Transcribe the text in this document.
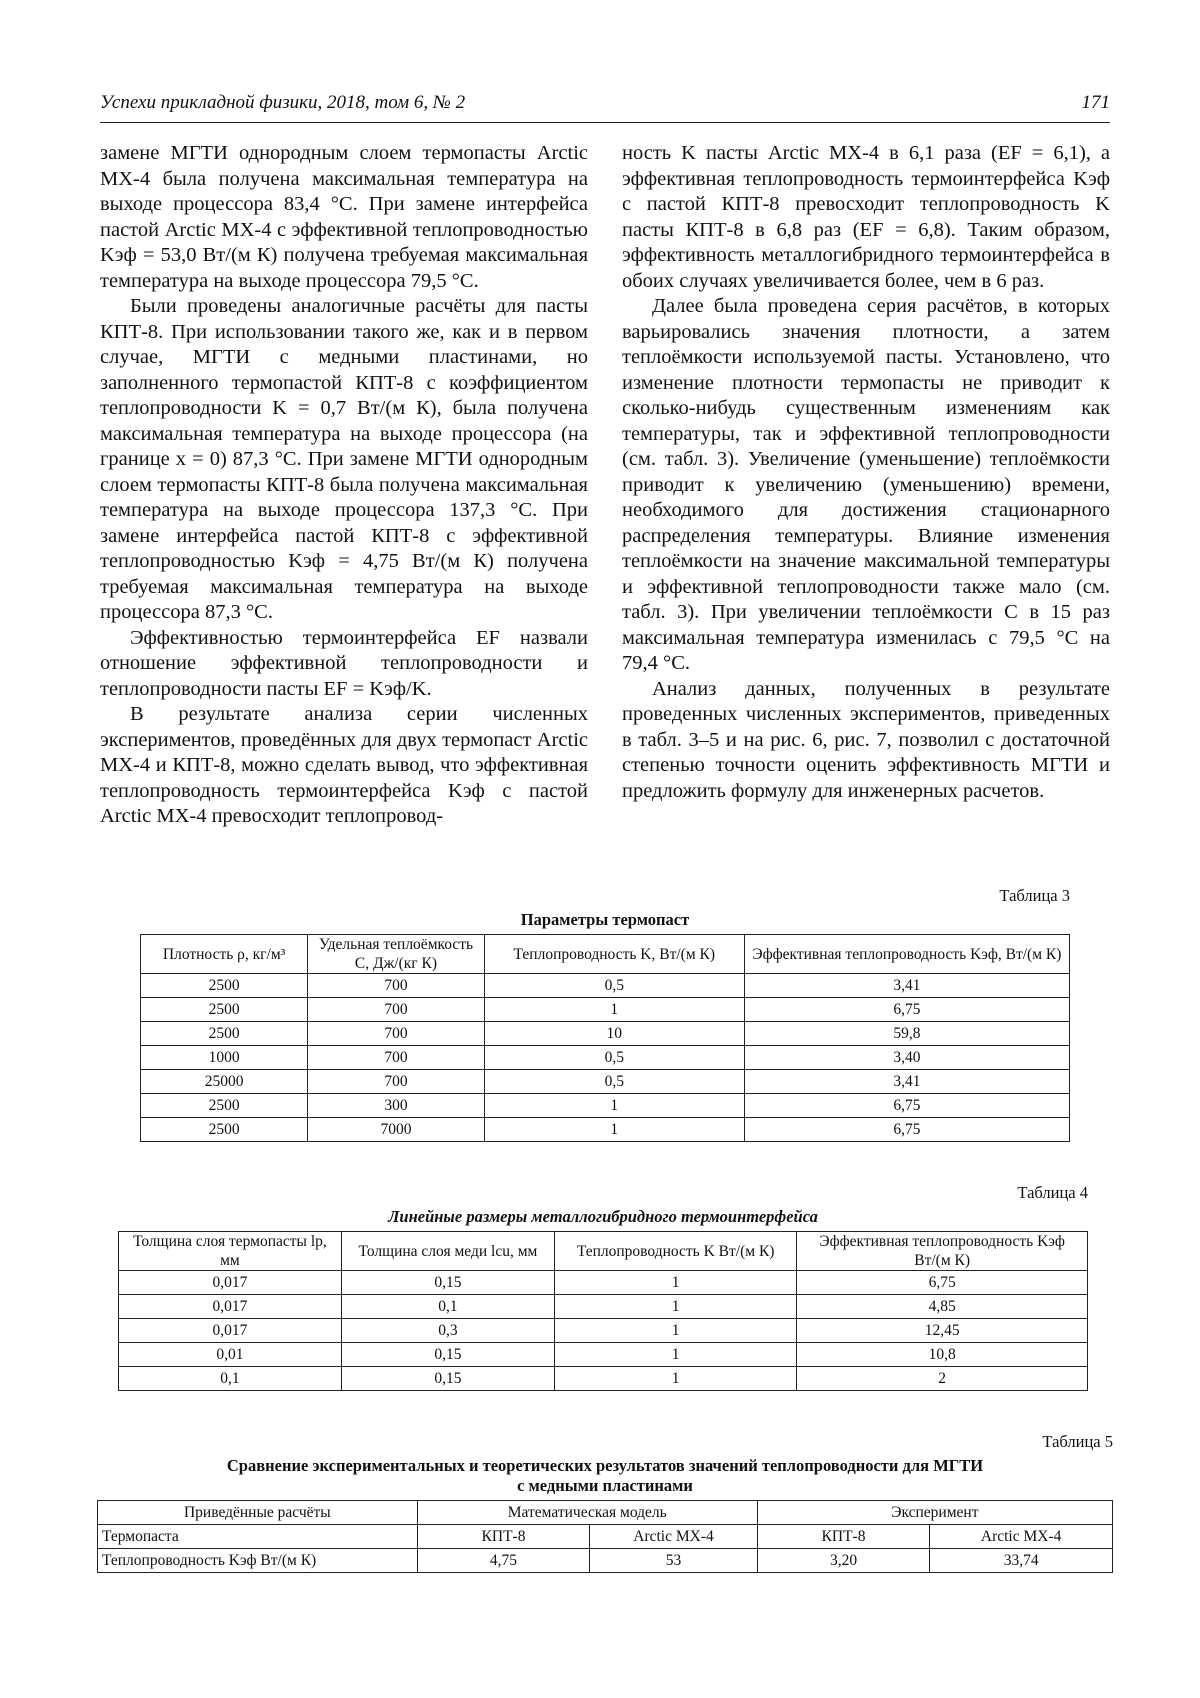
Успехи прикладной физики, 2018, том 6, № 2	171

замене МГТИ однородным слоем термопасты Arctic MX-4 была получена максимальная температура на выходе процессора 83,4 °С. При замене интерфейса пастой Arctic MX-4 с эффективной теплопроводностью Kэф = 53,0 Вт/(м К) получена требуемая максимальная температура на выходе процессора 79,5 °С.

Были проведены аналогичные расчёты для пасты КПТ-8. При использовании такого же, как и в первом случае, МГТИ с медными пластинами, но заполненного термопастой КПТ-8 с коэффициентом теплопроводности K = 0,7 Вт/(м К), была получена максимальная температура на выходе процессора (на границе x = 0) 87,3 °С. При замене МГТИ однородным слоем термопасты КПТ-8 была получена максимальная температура на выходе процессора 137,3 °С. При замене интерфейса пастой КПТ-8 с эффективной теплопроводностью Kэф = 4,75 Вт/(м К) получена требуемая максимальная температура на выходе процессора 87,3 °С.

Эффективностью термоинтерфейса EF назвали отношение эффективной теплопроводности и теплопроводности пасты EF = Kэф/K.

В результате анализа серии численных экспериментов, проведённых для двух термопаст Arctic MX-4 и КПТ-8, можно сделать вывод, что эффективная теплопроводность термоинтерфейса Kэф с пастой Arctic MX-4 превосходит теплопровод-

ность K пасты Arctic MX-4 в 6,1 раза (EF = 6,1), а эффективная теплопроводность термоинтерфейса Kэф с пастой КПТ-8 превосходит теплопроводность K пасты КПТ-8 в 6,8 раз (EF = 6,8). Таким образом, эффективность металлогибридного термоинтерфейса в обоих случаях увеличивается более, чем в 6 раз.

Далее была проведена серия расчётов, в которых варьировались значения плотности, а затем теплоёмкости используемой пасты. Установлено, что изменение плотности термопасты не приводит к сколько-нибудь существенным изменениям как температуры, так и эффективной теплопроводности (см. табл. 3). Увеличение (уменьшение) теплоёмкости приводит к увеличению (уменьшению) времени, необходимого для достижения стационарного распределения температуры. Влияние изменения теплоёмкости на значение максимальной температуры и эффективной теплопроводности также мало (см. табл. 3). При увеличении теплоёмкости C в 15 раз максимальная температура изменилась с 79,5 °С на 79,4 °С.

Анализ данных, полученных в результате проведенных численных экспериментов, приведенных в табл. 3–5 и на рис. 6, рис. 7, позволил с достаточной степенью точности оценить эффективность МГТИ и предложить формулу для инженерных расчетов.

Таблица 3
Параметры термопаст
Плотность ρ, кг/м³	Удельная теплоёмкость C, Дж/(кг К)	Теплопроводность K, Вт/(м К)	Эффективная теплопроводность Kэф, Вт/(м К)
2500	700	0,5	3,41
2500	700	1	6,75
2500	700	10	59,8
1000	700	0,5	3,40
25000	700	0,5	3,41
2500	300	1	6,75
2500	7000	1	6,75
Таблица 4
Линейные размеры металлогибридного термоинтерфейса
Толщина слоя термопасты lp, мм	Толщина слоя меди lcu, мм	Теплопроводность K Вт/(м К)	Эффективная теплопроводность Kэф Вт/(м К)
0,017	0,15	1	6,75
0,017	0,1	1	4,85
0,017	0,3	1	12,45
0,01	0,15	1	10,8
0,1	0,15	1	2
Таблица 5
Сравнение экспериментальных и теоретических результатов значений теплопроводности для МГТИ
с медными пластинами
Приведённые расчёты	Математическая модель		Эксперимент	
Термопаста	КПТ-8	Arctic MX-4	КПТ-8	Arctic MX-4
Теплопроводность Kэф Вт/(м К)	4,75	53	3,20	33,74
